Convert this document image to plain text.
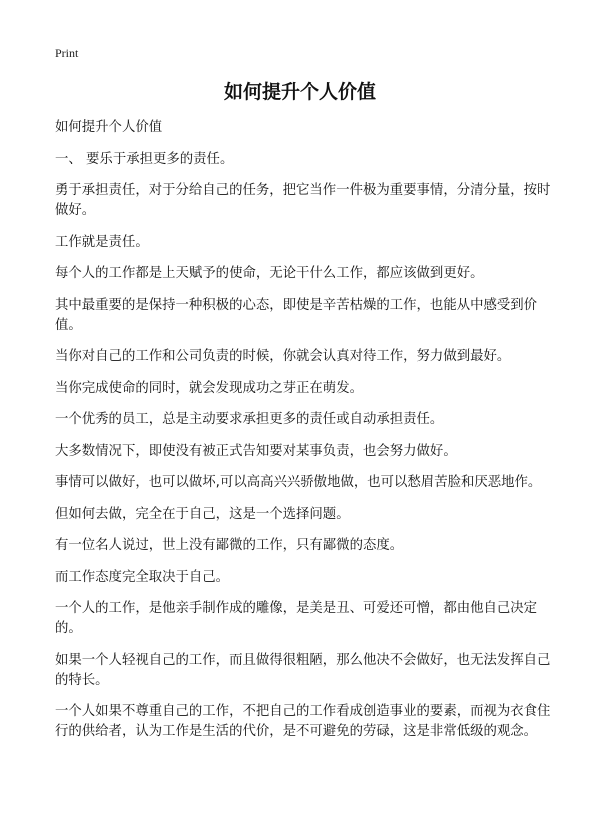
Print
如何提升个人价值

如何提升个人价值

一、 要乐于承担更多的责任。

勇于承担责任，对于分给自己的任务，把它当作一件极为重要事情，分清分量，按时做好。

工作就是责任。

每个人的工作都是上天赋予的使命，无论干什么工作，都应该做到更好。

其中最重要的是保持一种积极的心态，即使是辛苦枯燥的工作，也能从中感受到价值。

当你对自己的工作和公司负责的时候，你就会认真对待工作，努力做到最好。

当你完成使命的同时，就会发现成功之芽正在萌发。

一个优秀的员工，总是主动要求承担更多的责任或自动承担责任。

大多数情况下，即使没有被正式告知要对某事负责，也会努力做好。

事情可以做好，也可以做坏,可以高高兴兴骄傲地做，也可以愁眉苦脸和厌恶地作。

但如何去做，完全在于自己，这是一个选择问题。

有一位名人说过，世上没有鄙微的工作，只有鄙微的态度。

而工作态度完全取决于自己。

一个人的工作，是他亲手制作成的雕像，是美是丑、可爱还可憎，都由他自己决定的。

如果一个人轻视自己的工作，而且做得很粗陋，那么他决不会做好，也无法发挥自己的特长。

一个人如果不尊重自己的工作，不把自己的工作看成创造事业的要素，而视为衣食住行的供给者，认为工作是生活的代价，是不可避免的劳碌，这是非常低级的观念。
